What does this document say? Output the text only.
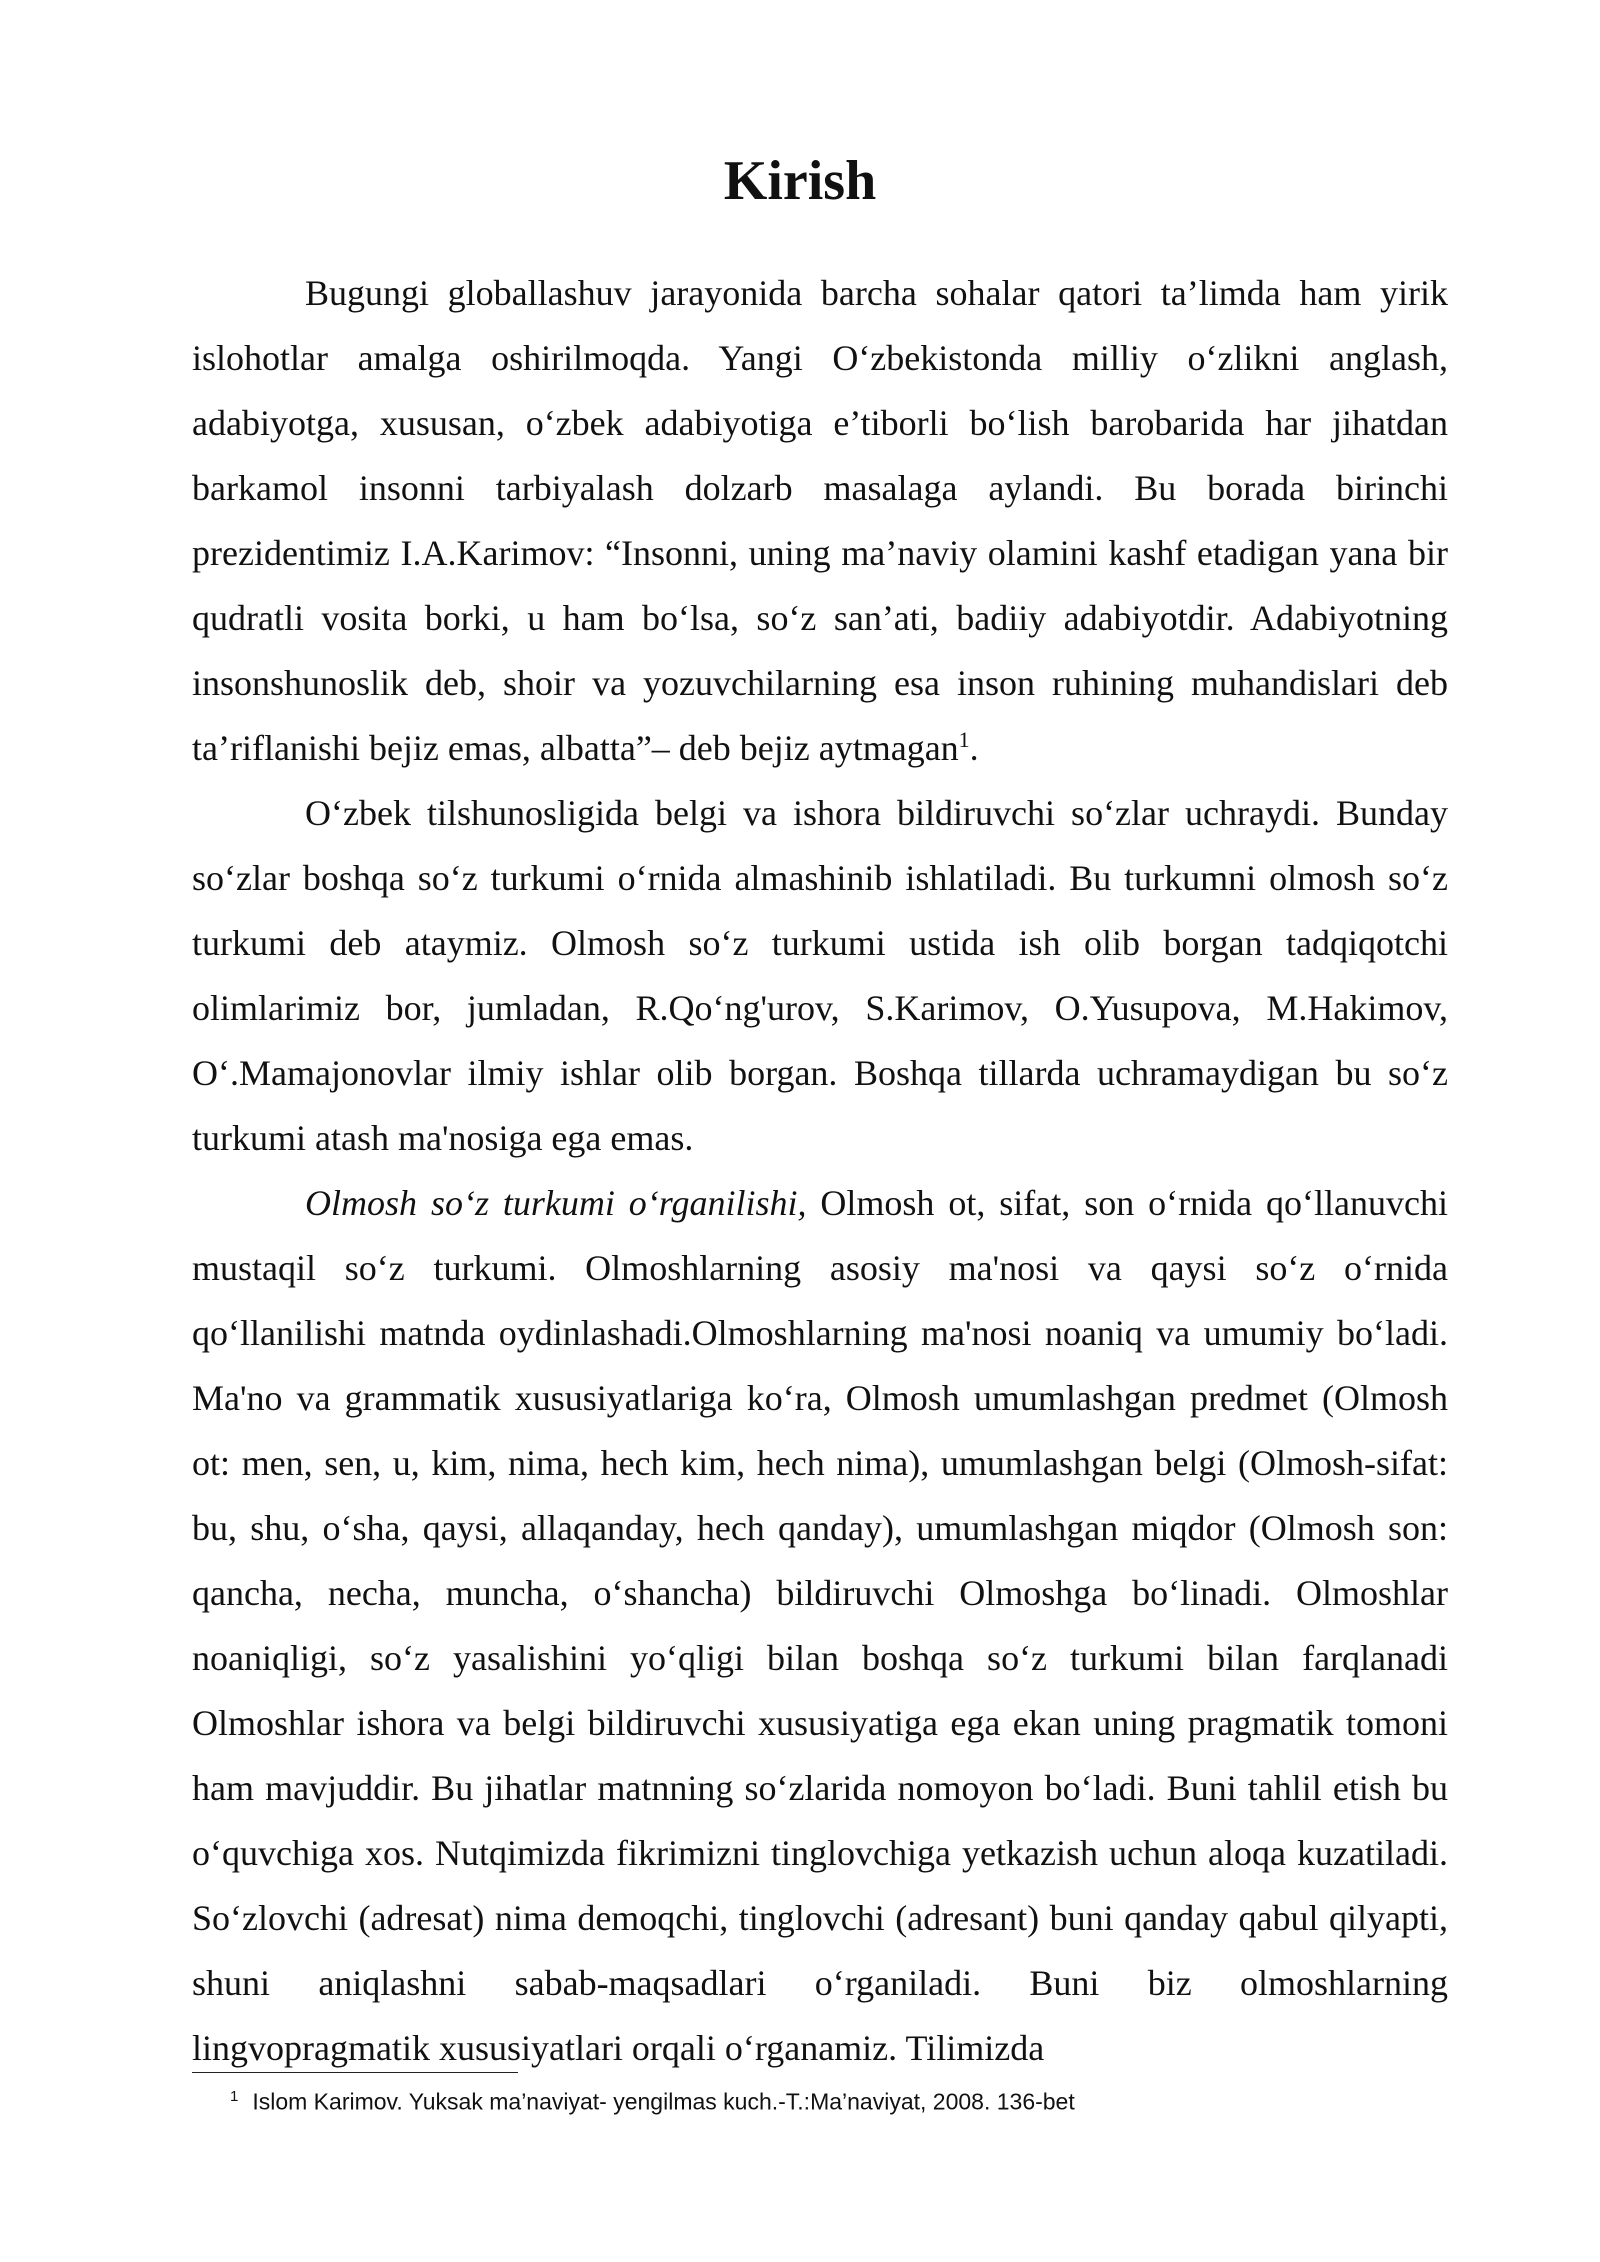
Kirish

Bugungi globallashuv jarayonida barcha sohalar qatori ta’limda ham yirik islohotlar amalga oshirilmoqda. Yangi O‘zbekistonda milliy o‘zlikni anglash, adabiyotga, xususan, o‘zbek adabiyotiga e’tiborli bo‘lish barobarida har jihatdan barkamol insonni tarbiyalash dolzarb masalaga aylandi. Bu borada birinchi prezidentimiz I.A.Karimov: “Insonni, uning ma’naviy olamini kashf etadigan yana bir qudratli vosita borki, u ham bo‘lsa, so‘z san’ati, badiiy adabiyotdir. Adabiyotning insonshunoslik deb, shoir va yozuvchilarning esa inson ruhining muhandislari deb ta’riflanishi bejiz emas, albatta”– deb bejiz aytmagan$^1$.

O‘zbek tilshunosligida belgi va ishora bildiruvchi so‘zlar uchraydi. Bunday so‘zlar boshqa so‘z turkumi o‘rnida almashinib ishlatiladi. Bu turkumni olmosh so‘z turkumi deb ataymiz. Olmosh so‘z turkumi ustida ish olib borgan tadqiqotchi olimlarimiz bor, jumladan, R.Qo‘ng'urov, S.Karimov, O.Yusupova, M.Hakimov, O‘.Mamajonovlar ilmiy ishlar olib borgan. Boshqa tillarda uchramaydigan bu so‘z turkumi atash ma'nosiga ega emas.

Olmosh so‘z turkumi o‘rganilishi, Olmosh ot, sifat, son o‘rnida qo‘llanuvchi mustaqil so‘z turkumi. Olmoshlarning asosiy ma'nosi va qaysi so‘z o‘rnida qo‘llanilishi matnda oydinlashadi.Olmoshlarning ma'nosi noaniq va umumiy bo‘ladi. Ma'no va grammatik xususiyatlariga ko‘ra, Olmosh umumlashgan predmet (Olmosh ot: men, sen, u, kim, nima, hech kim, hech nima), umumlashgan belgi (Olmosh-sifat: bu, shu, o‘sha, qaysi, allaqanday, hech qanday), umumlashgan miqdor (Olmosh son: qancha, necha, muncha, o‘shancha) bildiruvchi Olmoshga bo‘linadi. Olmoshlar noaniqligi, so‘z yasalishini yo‘qligi bilan boshqa so‘z turkumi bilan farqlanadi Olmoshlar ishora va belgi bildiruvchi xususiyatiga ega ekan uning pragmatik tomoni ham mavjuddir. Bu jihatlar matnning so‘zlarida nomoyon bo‘ladi. Buni tahlil etish bu o‘quvchiga xos. Nutqimizda fikrimizni tinglovchiga yetkazish uchun aloqa kuzatiladi. So‘zlovchi (adresat) nima demoqchi, tinglovchi (adresant) buni qanday qabul qilyapti, shuni aniqlashni sabab-maqsadlari o‘rganiladi. Buni biz olmoshlarning lingvopragmatik xususiyatlari orqali o‘rganamiz. Tilimizda

$^1$ Islom Karimov. Yuksak ma’naviyat- yengilmas kuch.-T.:Ma’naviyat, 2008. 136-bet
